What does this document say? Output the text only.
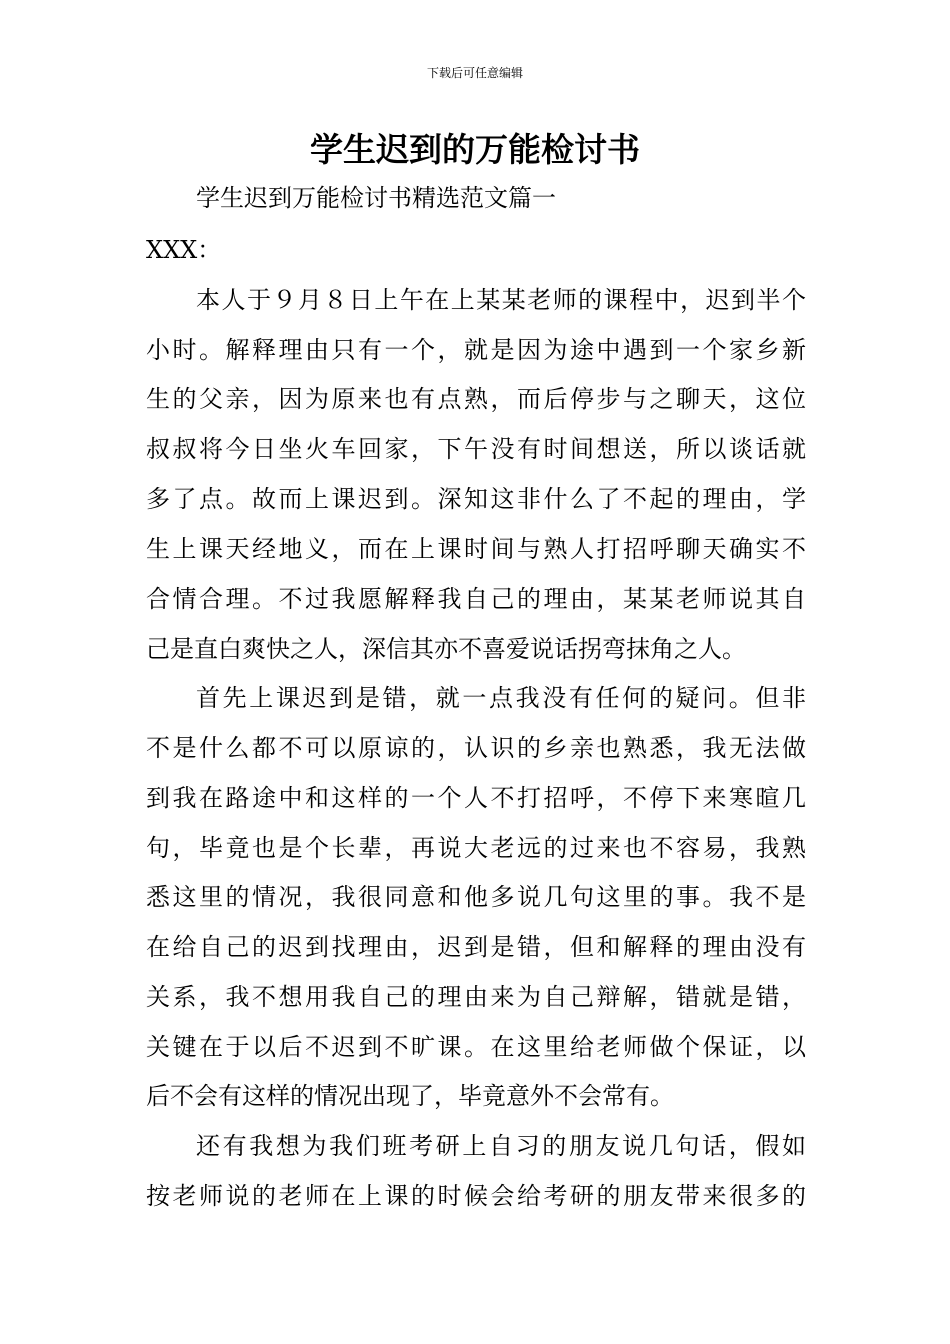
下载后可任意编辑
学生迟到的万能检讨书
学生迟到万能检讨书精选范文篇一
XXX：
本人于９月８日上午在上某某老师的课程中，迟到半个
小时。解释理由只有一个，就是因为途中遇到一个家乡新
生的父亲，因为原来也有点熟，而后停步与之聊天，这位
叔叔将今日坐火车回家，下午没有时间想送，所以谈话就
多了点。故而上课迟到。深知这非什么了不起的理由，学
生上课天经地义，而在上课时间与熟人打招呼聊天确实不
合情合理。不过我愿解释我自己的理由，某某老师说其自
己是直白爽快之人，深信其亦不喜爱说话拐弯抹角之人。
首先上课迟到是错，就一点我没有任何的疑问。但非
不是什么都不可以原谅的，认识的乡亲也熟悉，我无法做
到我在路途中和这样的一个人不打招呼，不停下来寒暄几
句，毕竟也是个长辈，再说大老远的过来也不容易，我熟
悉这里的情况，我很同意和他多说几句这里的事。我不是
在给自己的迟到找理由，迟到是错，但和解释的理由没有
关系，我不想用我自己的理由来为自己辩解，错就是错，
关键在于以后不迟到不旷课。在这里给老师做个保证，以
后不会有这样的情况出现了，毕竟意外不会常有。
还有我想为我们班考研上自习的朋友说几句话，假如
按老师说的老师在上课的时候会给考研的朋友带来很多的
